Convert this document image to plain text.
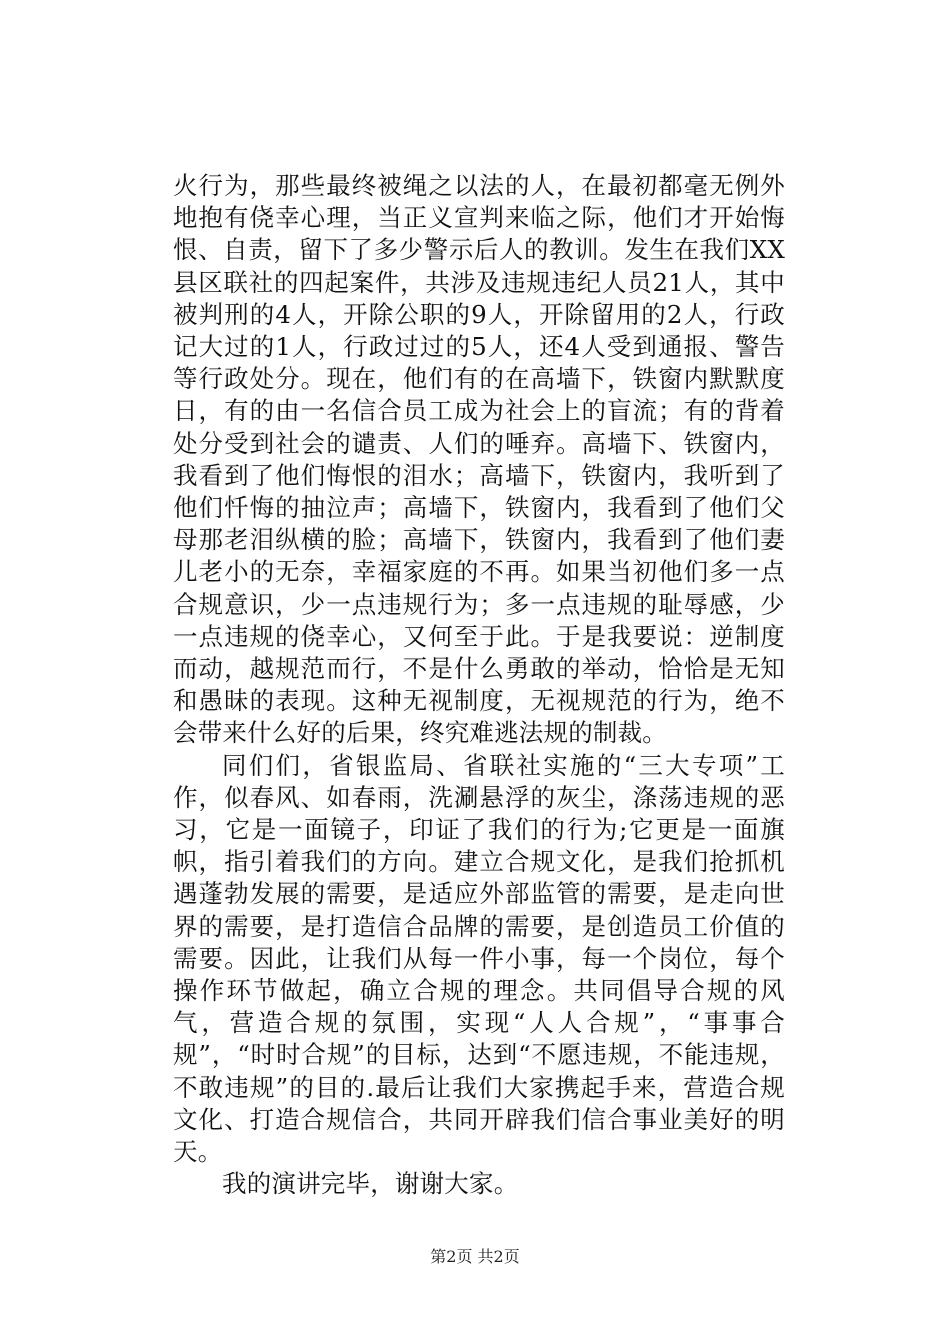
火行为，那些最终被绳之以法的人，在最初都毫无例外地抱有侥幸心理，当正义宣判来临之际，他们才开始悔恨、自责，留下了多少警示后人的教训。发生在我们XX县区联社的四起案件，共涉及违规违纪人员21人，其中被判刑的4人，开除公职的9人，开除留用的2人，行政记大过的1人，行政过过的5人，还4人受到通报、警告等行政处分。现在，他们有的在高墙下，铁窗内默默度日，有的由一名信合员工成为社会上的盲流；有的背着处分受到社会的谴责、人们的唾弃。高墙下、铁窗内，我看到了他们悔恨的泪水；高墙下，铁窗内，我听到了他们忏悔的抽泣声；高墙下，铁窗内，我看到了他们父母那老泪纵横的脸；高墙下，铁窗内，我看到了他们妻儿老小的无奈，幸福家庭的不再。如果当初他们多一点合规意识，少一点违规行为；多一点违规的耻辱感，少一点违规的侥幸心，又何至于此。于是我要说：逆制度而动，越规范而行，不是什么勇敢的举动，恰恰是无知和愚昧的表现。这种无视制度，无视规范的行为，绝不会带来什么好的后果，终究难逃法规的制裁。

同们们，省银监局、省联社实施的“三大专项”工作，似春风、如春雨，洗涮悬浮的灰尘，涤荡违规的恶习，它是一面镜子，印证了我们的行为;它更是一面旗帜，指引着我们的方向。建立合规文化，是我们抢抓机遇蓬勃发展的需要，是适应外部监管的需要，是走向世界的需要，是打造信合品牌的需要，是创造员工价值的需要。因此，让我们从每一件小事，每一个岗位，每个操作环节做起，确立合规的理念。共同倡导合规的风气，营造合规的氛围，实现“人人合规”，“事事合规”，“时时合规”的目标，达到“不愿违规，不能违规，不敢违规”的目的.最后让我们大家携起手来，营造合规文化、打造合规信合，共同开辟我们信合事业美好的明天。

我的演讲完毕，谢谢大家。

第2页 共2页
